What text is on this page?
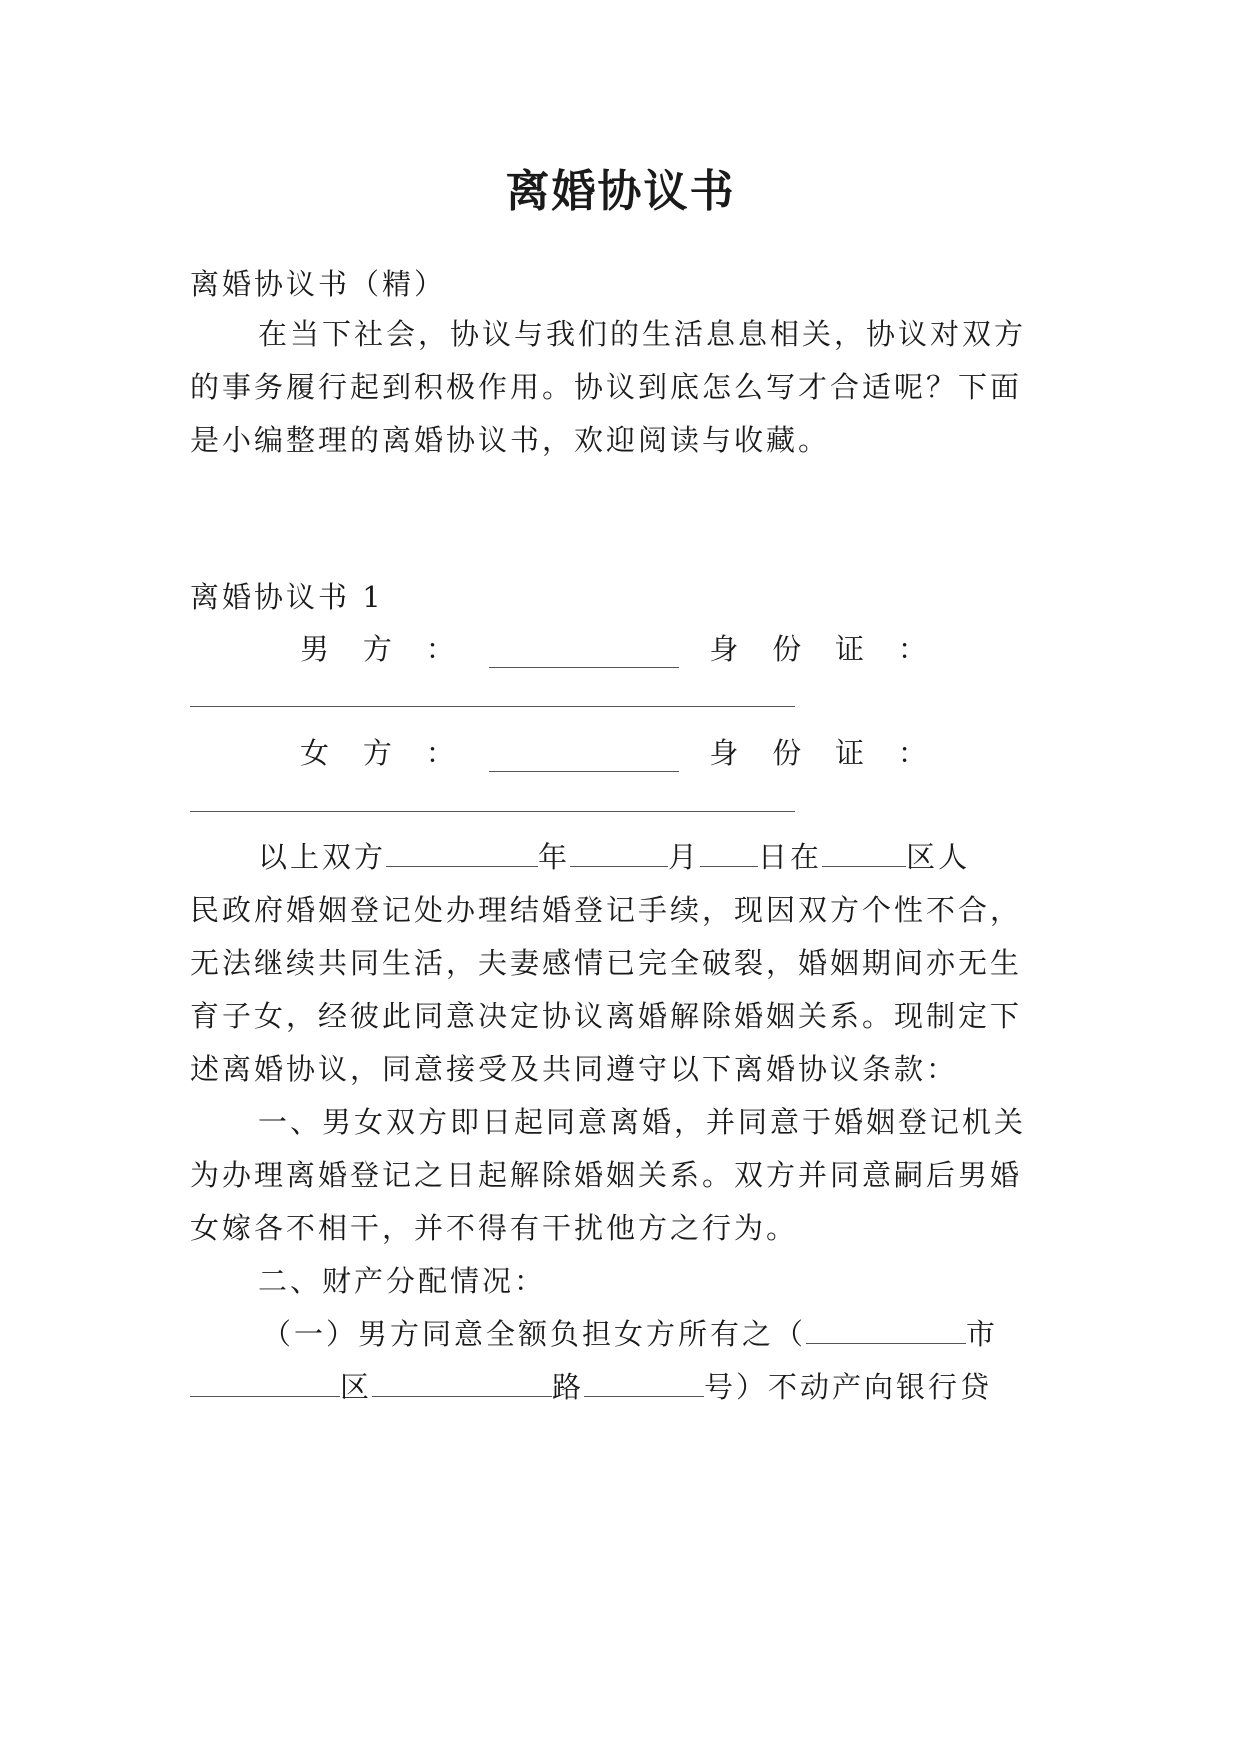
离婚协议书
离婚协议书（精）
在当下社会，协议与我们的生活息息相关，协议对双方
的事务履行起到积极作用。协议到底怎么写才合适呢？下面
是小编整理的离婚协议书，欢迎阅读与收藏。
离婚协议书 1
男 方 ：	身 份 证 ：
女 方 ：	身 份 证 ：
以上双方	年	月 日在	区人
民政府婚姻登记处办理结婚登记手续，现因双方个性不合，
无法继续共同生活，夫妻感情已完全破裂，婚姻期间亦无生
育子女，经彼此同意决定协议离婚解除婚姻关系。现制定下
述离婚协议，同意接受及共同遵守以下离婚协议条款：
一、男女双方即日起同意离婚，并同意于婚姻登记机关
为办理离婚登记之日起解除婚姻关系。双方并同意嗣后男婚
女嫁各不相干，并不得有干扰他方之行为。
二、财产分配情况：
（一）男方同意全额负担女方所有之（	市
区	路	号）不动产向银行贷
